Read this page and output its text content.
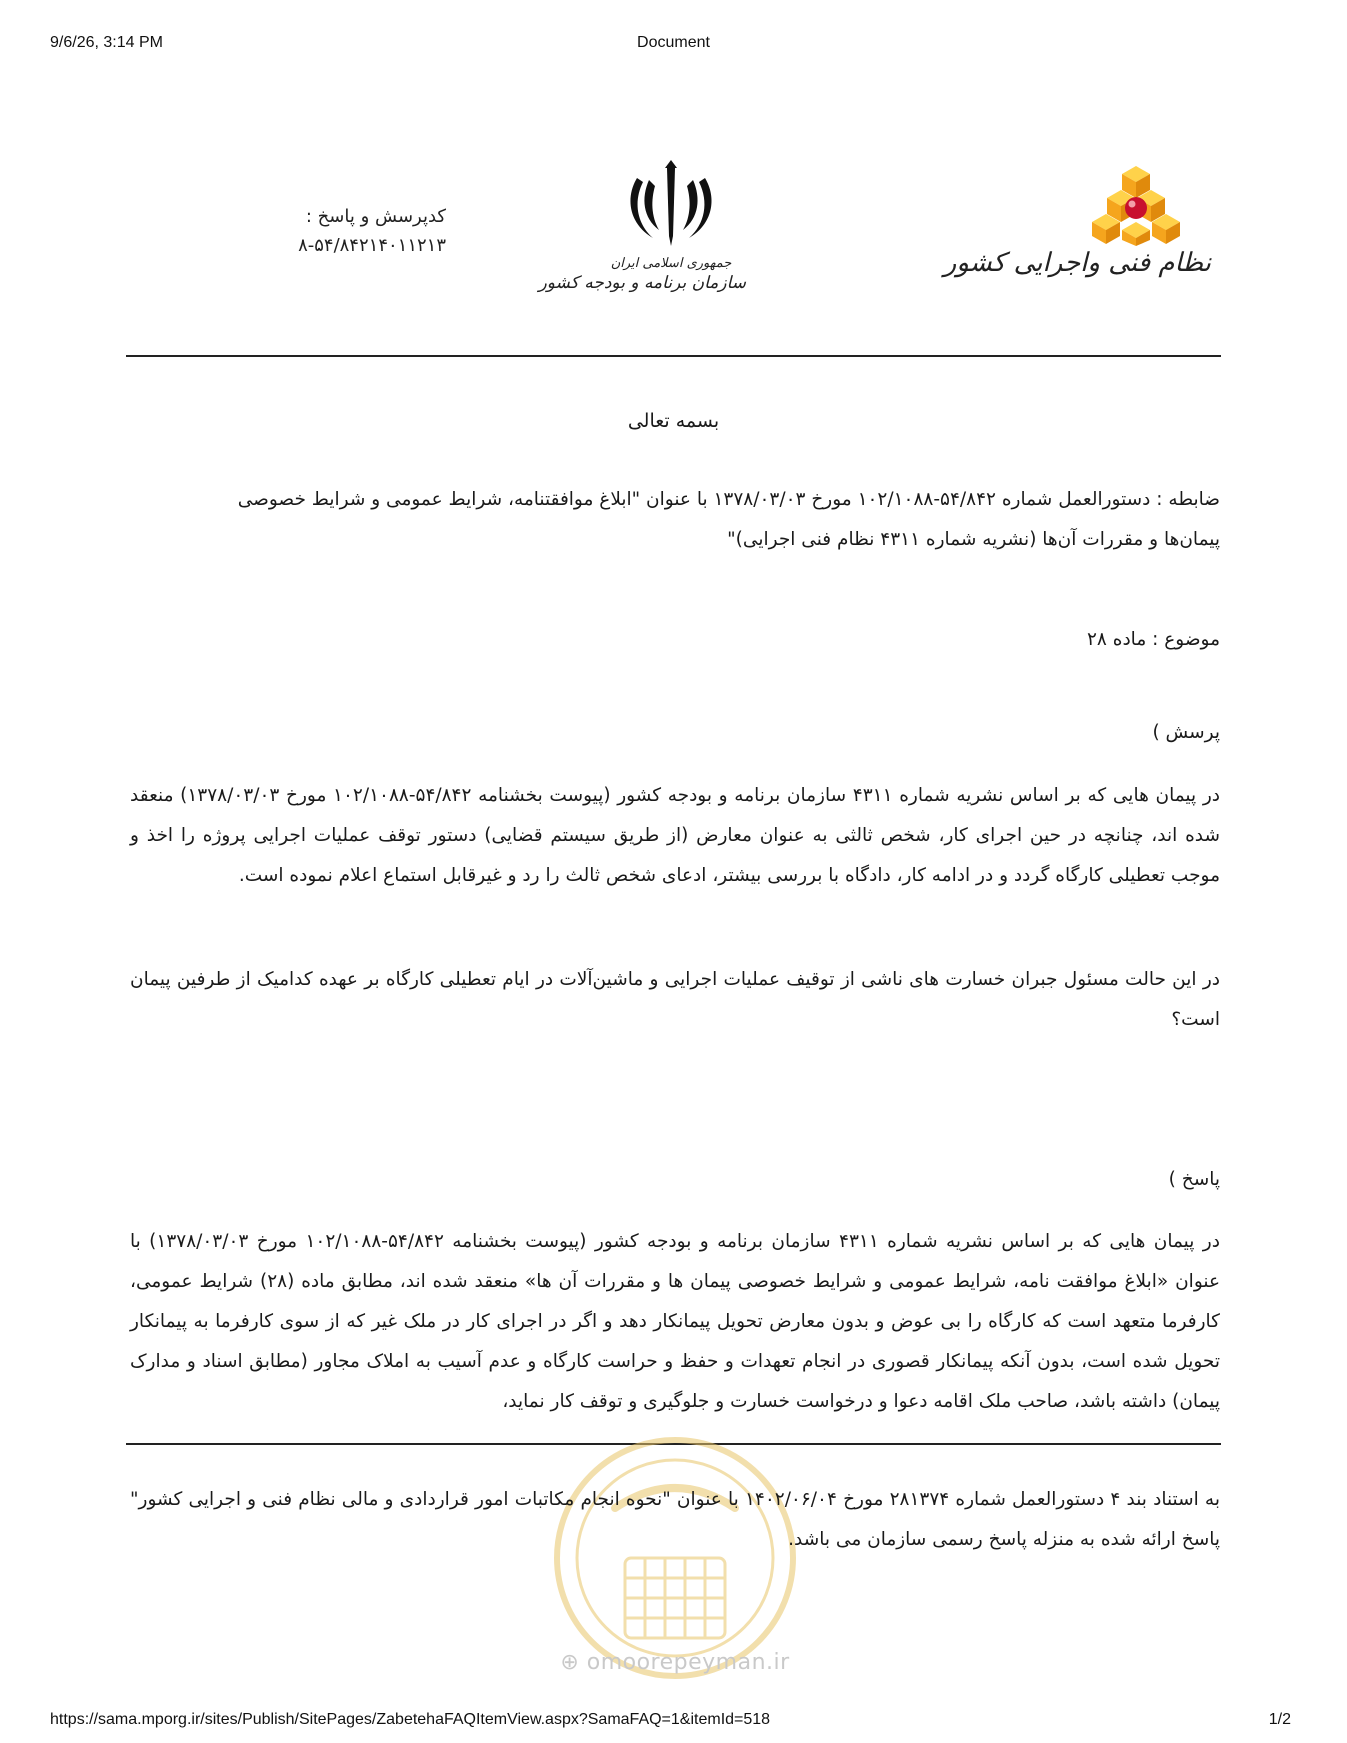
9/6/26, 3:14 PM	Document
نظام فنی واجرایی کشور
جمهوری اسلامی ایران
سازمان برنامه و بودجه کشور
کدپرسش و پاسخ :
۸-۵۴/۸۴۲۱۴۰۱۱۲۱۳
بسمه تعالی

ضابطه : دستورالعمل شماره ۵۴/۸۴۲-۱۰۲/۱۰۸۸ مورخ ۱۳۷۸/۰۳/۰۳ با عنوان "ابلاغ موافقتنامه، شرایط عمومی و شرایط خصوصی

پیمان‌ها و مقررات آن‌ها (نشریه شماره ۴۳۱۱ نظام فنی اجرایی)"

موضوع : ماده ۲۸

پرسش )

در پیمان هایی که بر اساس نشریه شماره ۴۳۱۱ سازمان برنامه و بودجه کشور (پیوست بخشنامه ۵۴/۸۴۲-۱۰۲/۱۰۸۸ مورخ ۱۳۷۸/۰۳/۰۳) منعقد شده اند، چنانچه در حین اجرای کار، شخص ثالثی به عنوان معارض (از طریق سیستم قضایی) دستور توقف عملیات اجرایی پروژه را اخذ و موجب تعطیلی کارگاه گردد و در ادامه کار، دادگاه با بررسی بیشتر، ادعای شخص ثالث را رد و غیرقابل استماع اعلام نموده است.

در این حالت مسئول جبران خسارت های ناشی از توقیف عملیات اجرایی و ماشین‌آلات در ایام تعطیلی کارگاه بر عهده کدامیک از طرفین پیمان است؟

پاسخ )

در پیمان هایی که بر اساس نشریه شماره ۴۳۱۱ سازمان برنامه و بودجه کشور (پیوست بخشنامه ۵۴/۸۴۲-۱۰۲/۱۰۸۸ مورخ ۱۳۷۸/۰۳/۰۳) با عنوان «ابلاغ موافقت نامه، شرایط عمومی و شرایط خصوصی پیمان ها و مقررات آن ها» منعقد شده اند، مطابق ماده (۲۸) شرایط عمومی، کارفرما متعهد است که کارگاه را بی عوض و بدون معارض تحویل پیمانکار دهد و اگر در اجرای کار در ملک غیر که از سوی کارفرما به پیمانکار تحویل شده است، بدون آنکه پیمانکار قصوری در انجام تعهدات و حفظ و حراست کارگاه و عدم آسیب به املاک مجاور (مطابق اسناد و مدارک پیمان) داشته باشد، صاحب ملک اقامه دعوا و درخواست خسارت و جلوگیری و توقف کار نماید،

به استناد بند ۴ دستورالعمل شماره ۲۸۱۳۷۴ مورخ ۱۴۰۲/۰۶/۰۴ با عنوان "نحوه انجام مکاتبات امور قراردادی و مالی نظام فنی و اجرایی کشور" پاسخ ارائه شده به منزله پاسخ رسمی سازمان می باشد.

⊕ omoorepeyman.ir
https://sama.mporg.ir/sites/Publish/SitePages/ZabetehaFAQItemView.aspx?SamaFAQ=1&itemId=518	1/2
